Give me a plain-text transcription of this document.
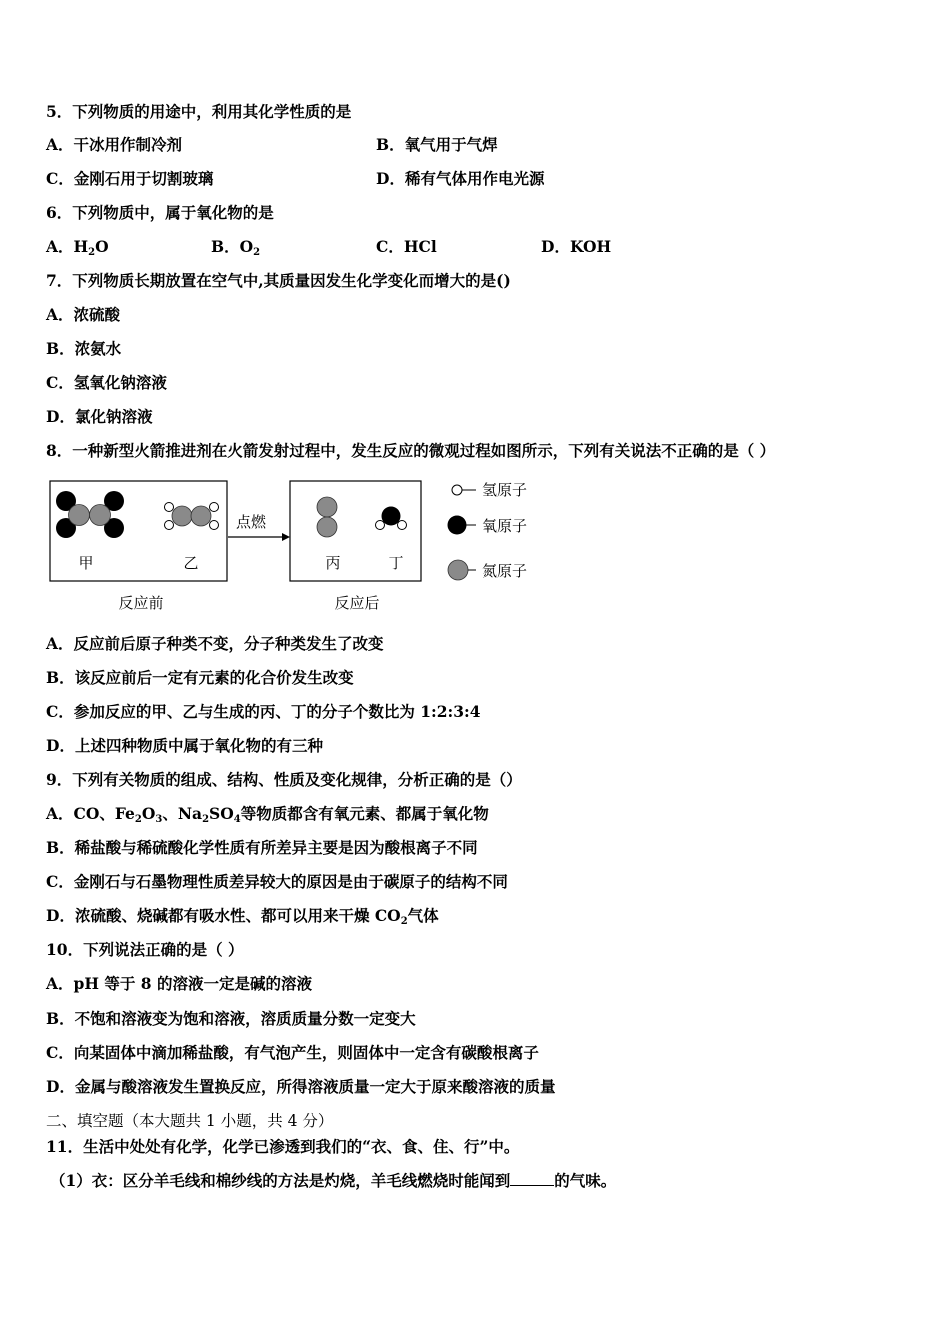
5．下列物质的用途中，利用其化学性质的是
A．干冰用作制冷剂	B．氧气用于气焊
C．金刚石用于切割玻璃	D．稀有气体用作电光源
6．下列物质中，属于氧化物的是
A．$H_2O$	B．$O_2$	C．HCl	D．KOH
7．下列物质长期放置在空气中,其质量因发生化学变化而增大的是()
A．浓硫酸
B．浓氨水
C．氢氧化钠溶液
D．氯化钠溶液
8．一种新型火箭推进剂在火箭发射过程中，发生反应的微观过程如图所示，下列有关说法不正确的是（ ）
甲	乙
点燃
丙	丁
反应前	反应后
氢原子
氧原子
氮原子
A．反应前后原子种类不变，分子种类发生了改变
B．该反应前后一定有元素的化合价发生改变
C．参加反应的甲、乙与生成的丙、丁的分子个数比为 1:2:3:4
D．上述四种物质中属于氧化物的有三种
9．下列有关物质的组成、结构、性质及变化规律，分析正确的是（）
A．CO、$Fe_2O_3$、$Na_2SO_4$等物质都含有氧元素、都属于氧化物
B．稀盐酸与稀硫酸化学性质有所差异主要是因为酸根离子不同
C．金刚石与石墨物理性质差异较大的原因是由于碳原子的结构不同
D．浓硫酸、烧碱都有吸水性、都可以用来干燥 $CO_2$气体
10．下列说法正确的是（ ）
A．pH 等于 8 的溶液一定是碱的溶液
B．不饱和溶液变为饱和溶液，溶质质量分数一定变大
C．向某固体中滴加稀盐酸，有气泡产生，则固体中一定含有碳酸根离子
D．金属与酸溶液发生置换反应，所得溶液质量一定大于原来酸溶液的质量
二、填空题（本大题共 1 小题，共 4 分）
11．生活中处处有化学，化学已渗透到我们的“衣、食、住、行”中。
（1）衣：区分羊毛线和棉纱线的方法是灼烧，羊毛线燃烧时能闻到	的气味。
